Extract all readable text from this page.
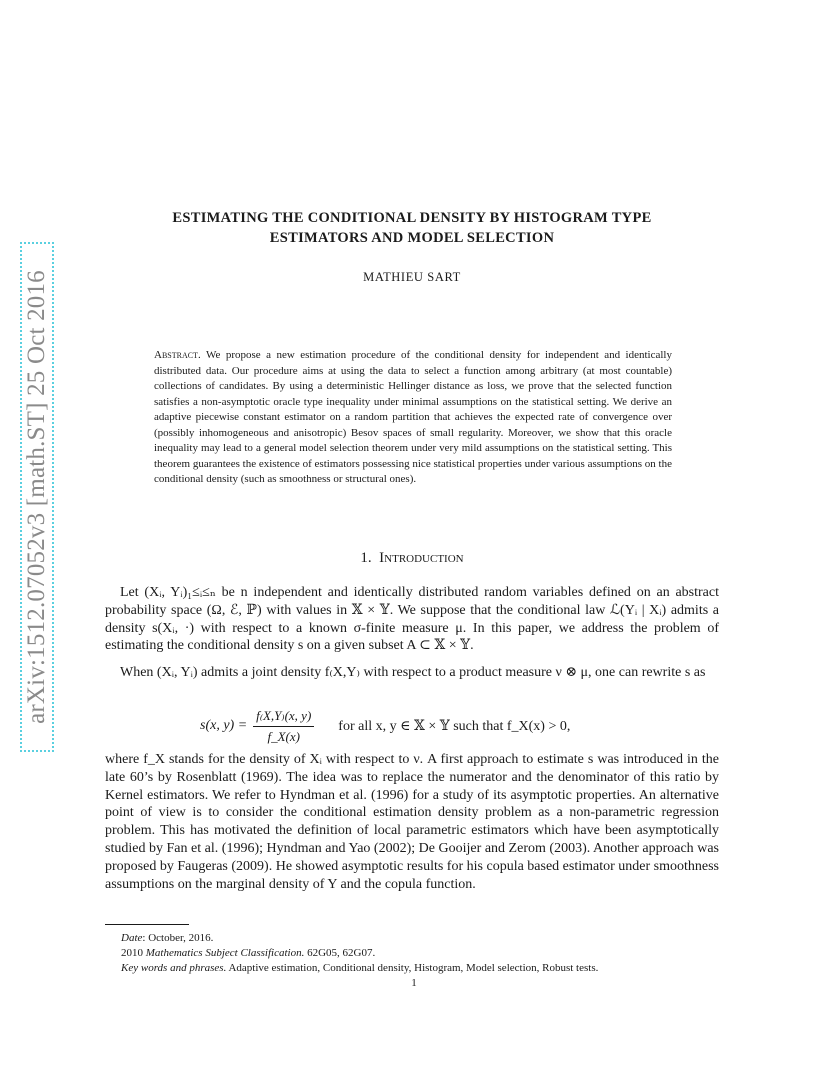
arXiv:1512.07052v3 [math.ST] 25 Oct 2016
ESTIMATING THE CONDITIONAL DENSITY BY HISTOGRAM TYPE
ESTIMATORS AND MODEL SELECTION
MATHIEU SART

Abstract. We propose a new estimation procedure of the conditional density for independent and identically distributed data. Our procedure aims at using the data to select a function among arbitrary (at most countable) collections of candidates. By using a deterministic Hellinger distance as loss, we prove that the selected function satisfies a non-asymptotic oracle type inequality under minimal assumptions on the statistical setting. We derive an adaptive piecewise constant estimator on a random partition that achieves the expected rate of convergence over (possibly inhomogeneous and anisotropic) Besov spaces of small regularity. Moreover, we show that this oracle inequality may lead to a general model selection theorem under very mild assumptions on the statistical setting. This theorem guarantees the existence of estimators possessing nice statistical properties under various assumptions on the conditional density (such as smoothness or structural ones).

1. Introduction

Let (Xᵢ, Yᵢ)₁≤ᵢ≤ₙ be n independent and identically distributed random variables defined on an abstract probability space (Ω, ℰ, ℙ) with values in 𝕏 × 𝕐. We suppose that the conditional law ℒ(Yᵢ | Xᵢ) admits a density s(Xᵢ, ·) with respect to a known σ-finite measure μ. In this paper, we address the problem of estimating the conditional density s on a given subset A ⊂ 𝕏 × 𝕐.

When (Xᵢ, Yᵢ) admits a joint density f₍X,Y₎ with respect to a product measure ν ⊗ μ, one can rewrite s as

s(x, $y) = \frac{f_(X,Y_)(x, y)}{f\_X(x)}$ for all x, y ∈ 𝕏 × 𝕐 such that f_X(x) > 0,

where f_X stands for the density of Xᵢ with respect to ν. A first approach to estimate s was introduced in the late 60’s by Rosenblatt (1969). The idea was to replace the numerator and the denominator of this ratio by Kernel estimators. We refer to Hyndman et al. (1996) for a study of its asymptotic properties. An alternative point of view is to consider the conditional estimation density problem as a non-parametric regression problem. This has motivated the definition of local parametric estimators which have been asymptotically studied by Fan et al. (1996); Hyndman and Yao (2002); De Gooijer and Zerom (2003). Another approach was proposed by Faugeras (2009). He showed asymptotic results for his copula based estimator under smoothness assumptions on the marginal density of Y and the copula function.

Date: October, 2016.

2010 Mathematics Subject Classification. 62G05, 62G07.

Key words and phrases. Adaptive estimation, Conditional density, Histogram, Model selection, Robust tests.

1
